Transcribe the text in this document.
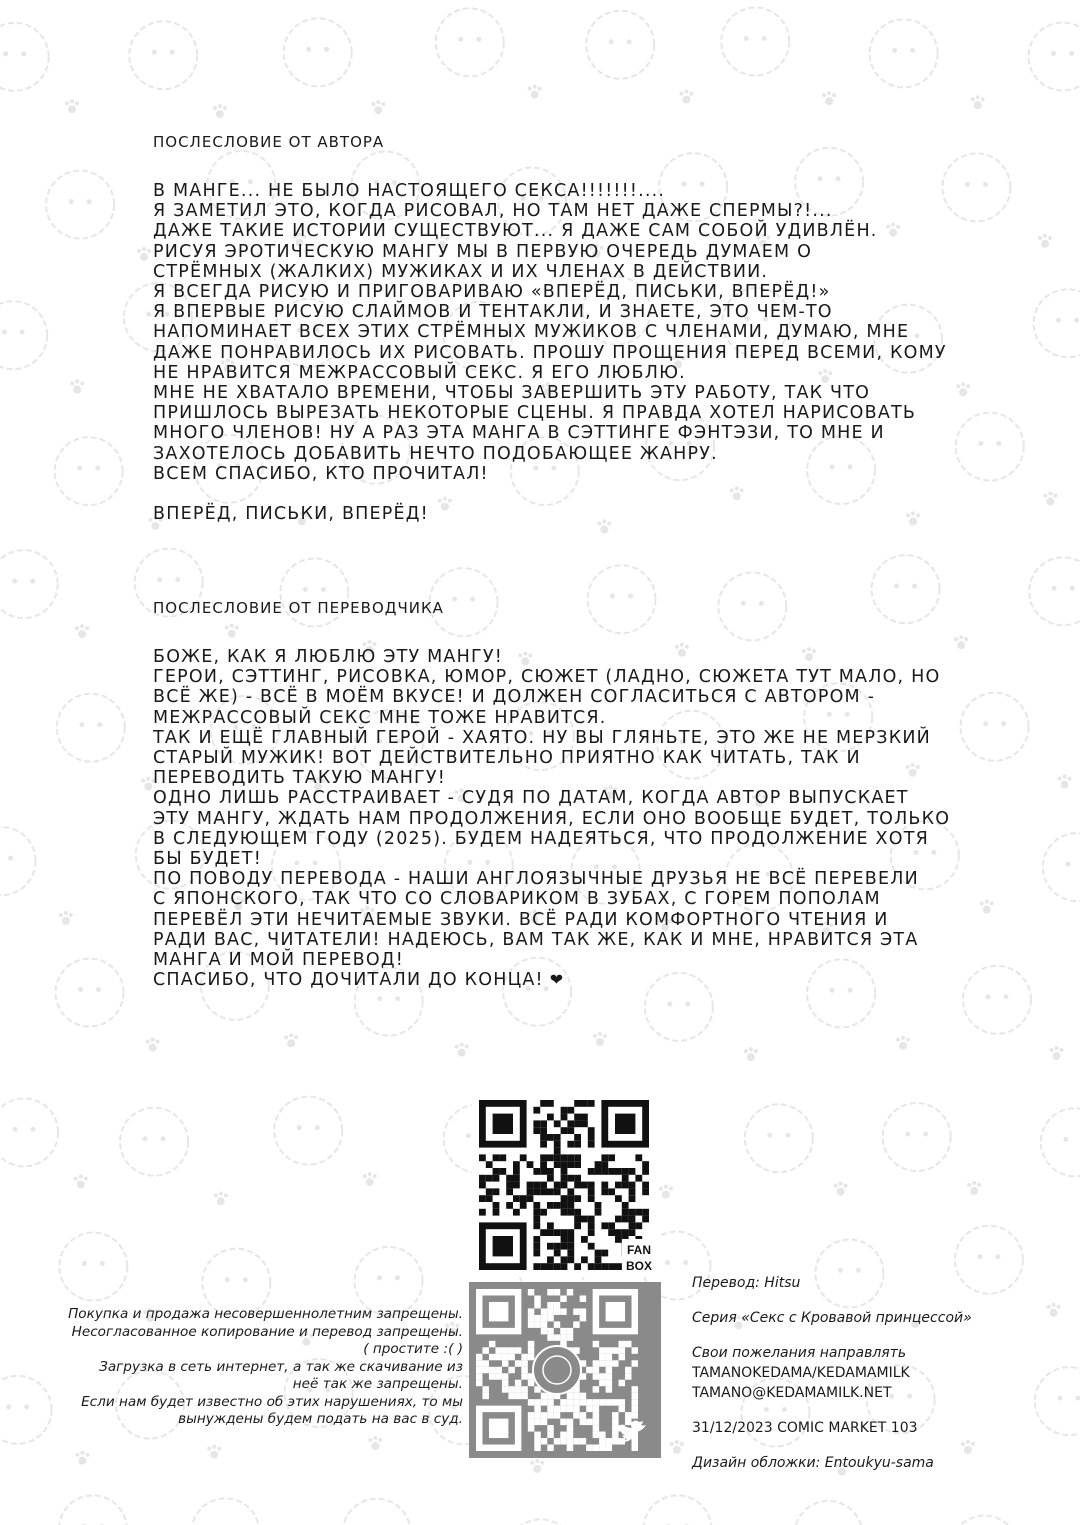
ПОСЛЕСЛОВИЕ ОТ АВТОРА
В МАНГЕ... НЕ БЫЛО НАСТОЯЩЕГО СЕКСА!!!!!!!....
Я ЗАМЕТИЛ ЭТО, КОГДА РИСОВАЛ, НО ТАМ НЕТ ДАЖЕ СПЕРМЫ?!...
ДАЖЕ ТАКИЕ ИСТОРИИ СУЩЕСТВУЮТ... Я ДАЖЕ САМ СОБОЙ УДИВЛЁН.
РИСУЯ ЭРОТИЧЕСКУЮ МАНГУ МЫ В ПЕРВУЮ ОЧЕРЕДЬ ДУМАЕМ О
СТРЁМНЫХ (ЖАЛКИХ) МУЖИКАХ И ИХ ЧЛЕНАХ В ДЕЙСТВИИ.
Я ВСЕГДА РИСУЮ И ПРИГОВАРИВАЮ «ВПЕРЁД, ПИСЬКИ, ВПЕРЁД!»
Я ВПЕРВЫЕ РИСУЮ СЛАЙМОВ И ТЕНТАКЛИ, И ЗНАЕТЕ, ЭТО ЧЕМ-ТО
НАПОМИНАЕТ ВСЕХ ЭТИХ СТРЁМНЫХ МУЖИКОВ С ЧЛЕНАМИ, ДУМАЮ, МНЕ
ДАЖЕ ПОНРАВИЛОСЬ ИХ РИСОВАТЬ. ПРОШУ ПРОЩЕНИЯ ПЕРЕД ВСЕМИ, КОМУ
НЕ НРАВИТСЯ МЕЖРАССОВЫЙ СЕКС. Я ЕГО ЛЮБЛЮ.
МНЕ НЕ ХВАТАЛО ВРЕМЕНИ, ЧТОБЫ ЗАВЕРШИТЬ ЭТУ РАБОТУ, ТАК ЧТО
ПРИШЛОСЬ ВЫРЕЗАТЬ НЕКОТОРЫЕ СЦЕНЫ. Я ПРАВДА ХОТЕЛ НАРИСОВАТЬ
МНОГО ЧЛЕНОВ! НУ А РАЗ ЭТА МАНГА В СЭТТИНГЕ ФЭНТЭЗИ, ТО МНЕ И
ЗАХОТЕЛОСЬ ДОБАВИТЬ НЕЧТО ПОДОБАЮЩЕЕ ЖАНРУ.
ВСЕМ СПАСИБО, КТО ПРОЧИТАЛ!
ВПЕРЁД, ПИСЬКИ, ВПЕРЁД!
ПОСЛЕСЛОВИЕ ОТ ПЕРЕВОДЧИКА
БОЖЕ, КАК Я ЛЮБЛЮ ЭТУ МАНГУ!
ГЕРОИ, СЭТТИНГ, РИСОВКА, ЮМОР, СЮЖЕТ (ЛАДНО, СЮЖЕТА ТУТ МАЛО, НО
ВСЁ ЖЕ) - ВСЁ В МОЁМ ВКУСЕ! И ДОЛЖЕН СОГЛАСИТЬСЯ С АВТОРОМ -
МЕЖРАССОВЫЙ СЕКС МНЕ ТОЖЕ НРАВИТСЯ.
ТАК И ЕЩЁ ГЛАВНЫЙ ГЕРОЙ - ХАЯТО. НУ ВЫ ГЛЯНЬТЕ, ЭТО ЖЕ НЕ МЕРЗКИЙ
СТАРЫЙ МУЖИК! ВОТ ДЕЙСТВИТЕЛЬНО ПРИЯТНО КАК ЧИТАТЬ, ТАК И
ПЕРЕВОДИТЬ ТАКУЮ МАНГУ!
ОДНО ЛИШЬ РАССТРАИВАЕТ - СУДЯ ПО ДАТАМ, КОГДА АВТОР ВЫПУСКАЕТ
ЭТУ МАНГУ, ЖДАТЬ НАМ ПРОДОЛЖЕНИЯ, ЕСЛИ ОНО ВООБЩЕ БУДЕТ, ТОЛЬКО
В СЛЕДУЮЩЕМ ГОДУ (2025). БУДЕМ НАДЕЯТЬСЯ, ЧТО ПРОДОЛЖЕНИЕ ХОТЯ
БЫ БУДЕТ!
ПО ПОВОДУ ПЕРЕВОДА - НАШИ АНГЛОЯЗЫЧНЫЕ ДРУЗЬЯ НЕ ВСЁ ПЕРЕВЕЛИ
С ЯПОНСКОГО, ТАК ЧТО СО СЛОВАРИКОМ В ЗУБАХ, С ГОРЕМ ПОПОЛАМ
ПЕРЕВЁЛ ЭТИ НЕЧИТАЕМЫЕ ЗВУКИ. ВСЁ РАДИ КОМФОРТНОГО ЧТЕНИЯ И
РАДИ ВАС, ЧИТАТЕЛИ! НАДЕЮСЬ, ВАМ ТАК ЖЕ, КАК И МНЕ, НРАВИТСЯ ЭТА
МАНГА И МОЙ ПЕРЕВОД!
СПАСИБО, ЧТО ДОЧИТАЛИ ДО КОНЦА! ❤
FAN
BOX
Покупка и продажа несовершеннолетним запрещены.
Несогласованное копирование и перевод запрещены.
( простите :( )
Загрузка в сеть интернет, а так же скачивание из
неё так же запрещены.
Если нам будет известно об этих нарушениях, то мы
вынуждены будем подать на вас в суд.
Перевод: Hitsu
Серия «Секс с Кровавой принцессой»
Свои пожелания направлять
TAMANOKEDAMA/KEDAMAMILK
TAMANO@KEDAMAMILK.NET
31/12/2023 COMIC MARKET 103
Дизайн обложки: Entoukyu-sama
